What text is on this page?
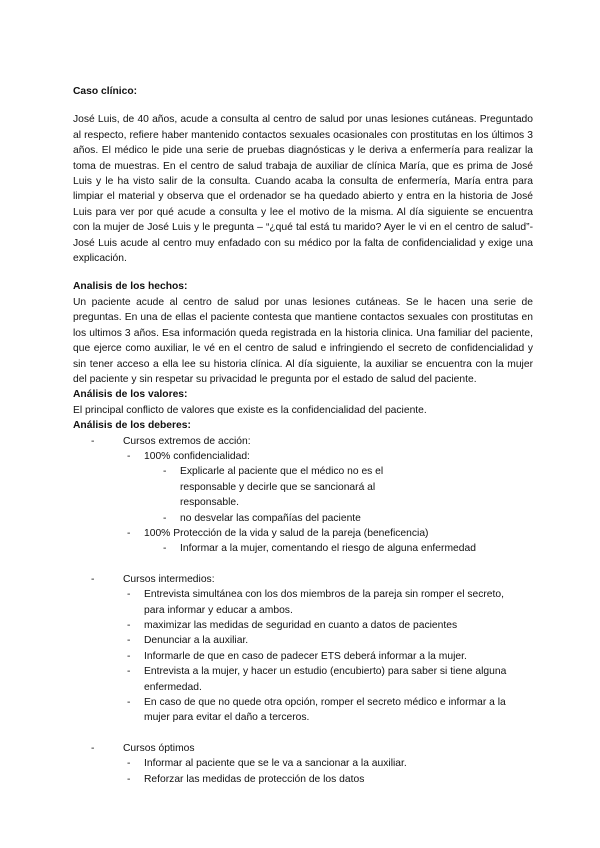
Caso clínico:

José Luis, de 40 años, acude a consulta al centro de salud por unas lesiones cutáneas. Preguntado al respecto, refiere haber mantenido contactos sexuales ocasionales con prostitutas en los últimos 3 años. El médico le pide una serie de pruebas diagnósticas y le deriva a enfermería para realizar la toma de muestras. En el centro de salud trabaja de auxiliar de clínica María, que es prima de José Luis y le ha visto salir de la consulta. Cuando acaba la consulta de enfermería, María entra para limpiar el material y observa que el ordenador se ha quedado abierto y entra en la historia de José Luis para ver por qué acude a consulta y lee el motivo de la misma. Al día siguiente se encuentra con la mujer de José Luis y le pregunta – “¿qué tal está tu marido? Ayer le vi en el centro de salud”- José Luis acude al centro muy enfadado con su médico por la falta de confidencialidad y exige una explicación.

Analisis de los hechos:

Un paciente acude al centro de salud por unas lesiones cutáneas. Se le hacen una serie de preguntas. En una de ellas el paciente contesta que mantiene contactos sexuales con prostitutas en los ultimos 3 años. Esa información queda registrada en la historia clinica. Una familiar del paciente, que ejerce como auxiliar, le vé en el centro de salud e infringiendo el secreto de confidencialidad y sin tener acceso a ella lee su historia clínica. Al día siguiente, la auxiliar se encuentra con la mujer del paciente y sin respetar su privacidad le pregunta por el estado de salud del paciente.

Análisis de los valores:

El principal conflicto de valores que existe es la confidencialidad del paciente.

Análisis de los deberes:

-	Cursos extremos de acción:
- 100% confidencialidad:
- Explicarle al paciente que el médico no es el responsable y decirle que se sancionará al responsable.
- no desvelar las compañías del paciente
- 100% Protección de la vida y salud de la pareja (beneficencia)
- Informar a la mujer, comentando el riesgo de alguna enfermedad
-	Cursos intermedios:
- Entrevista simultánea con los dos miembros de la pareja sin romper el secreto, para informar y educar a ambos.
- maximizar las medidas de seguridad en cuanto a datos de pacientes
- Denunciar a la auxiliar.
- Informarle de que en caso de padecer ETS deberá informar a la mujer.
- Entrevista a la mujer, y hacer un estudio (encubierto) para saber si tiene alguna enfermedad.
- En caso de que no quede otra opción, romper el secreto médico e informar a la mujer para evitar el daño a terceros.
-	Cursos óptimos
- Informar al paciente que se le va a sancionar a la auxiliar.
- Reforzar las medidas de protección de los datos
